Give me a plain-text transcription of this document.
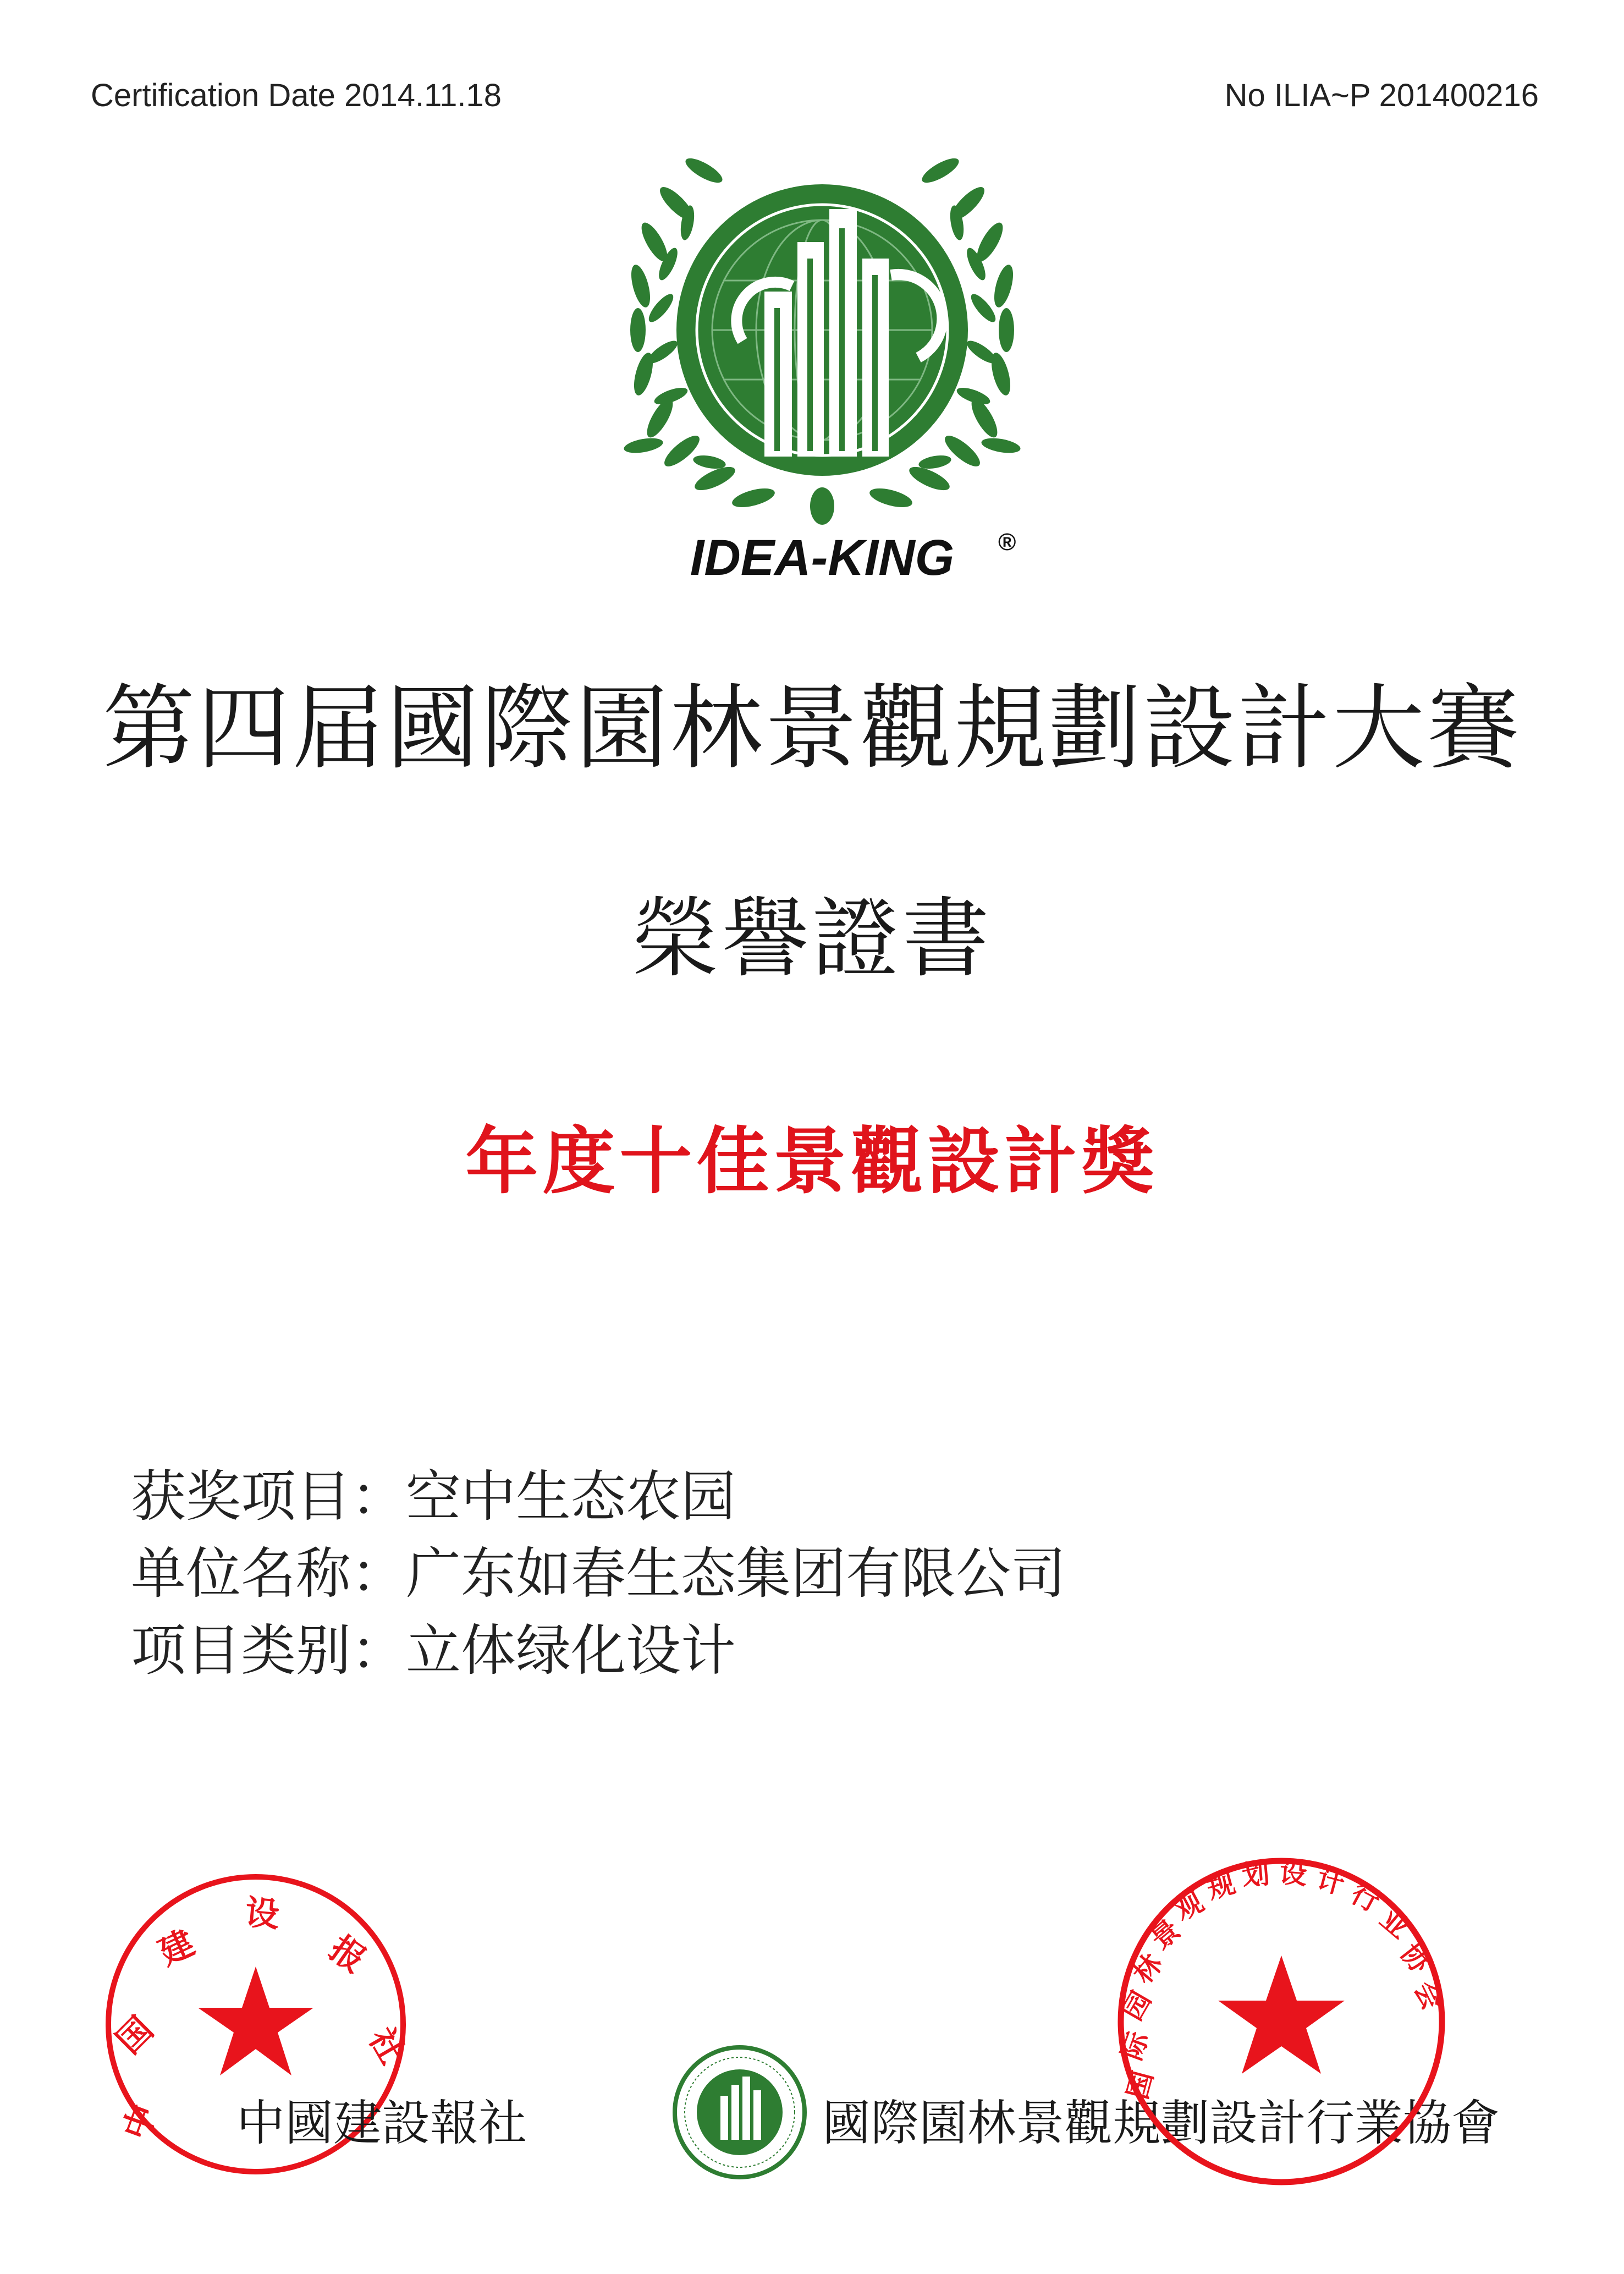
Certification Date 2014.11.18	No ILIA~P 201400216
IDEA-KING ®
第四届國際園林景觀規劃設計大賽
榮譽證書
年度十佳景觀設計獎
获奖项目：空中生态农园
单位名称：广东如春生态集团有限公司
项目类别：立体绿化设计
中
国
建
设
报
社
中國建設報社	國際園林景觀規劃設計行業協會
国
际
园
林
景
观
规 划 设 计
行
业
协
会
